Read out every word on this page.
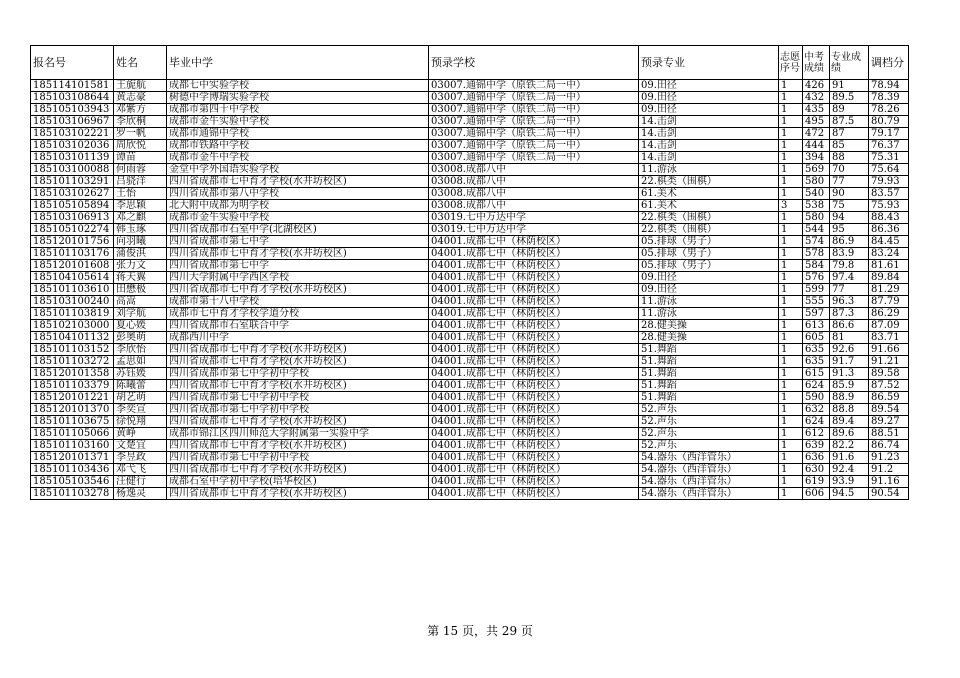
报名号	姓名	毕业中学	预录学校	预录专业	志愿序号	中考成绩	专业成绩	调档分
185114101581	王旎航	成都七中实验学校	03007.通锦中学（原铁二局一中）	09.田径	1	426	91	78.94
185103108644	黄志豪	树德中学博瑞实验学校	03007.通锦中学（原铁二局一中）	09.田径	1	432	89.5	78.39
185105103943	邓紫方	成都市第四十中学校	03007.通锦中学（原铁二局一中）	09.田径	1	435	89	78.26
185103106967	李欣桐	成都市金牛实验中学校	03007.通锦中学（原铁二局一中）	14.击剑	1	495	87.5	80.79
185103102221	罗一帆	成都市通锦中学校	03007.通锦中学（原铁二局一中）	14.击剑	1	472	87	79.17
185103102036	周欣悦	成都市铁路中学校	03007.通锦中学（原铁二局一中）	14.击剑	1	444	85	76.37
185103101139	谭苗	成都市金牛中学校	03007.通锦中学（原铁二局一中）	14.击剑	1	394	88	75.31
185103100088	何雨蓉	金堂中学外国语实验学校	03008.成都八中	11.游泳	1	569	70	75.64
185101103291	吕骁洋	四川省成都市七中育才学校(水井坊校区)	03008.成都八中	22.棋类（围棋）	1	580	77	79.93
185103102627	王怡	四川省成都市第八中学校	03008.成都八中	61.美术	1	540	90	83.57
185105105894	李思颖	北大附中成都为明学校	03008.成都八中	61.美术	3	538	75	75.93
185103106913	邓之麒	成都市金牛实验中学校	03019.七中万达中学	22.棋类（围棋）	1	580	94	88.43
185105102274	韩玉琢	四川省成都市石室中学(北湖校区)	03019.七中万达中学	22.棋类（围棋）	1	544	95	86.36
185120101756	向羽曦	四川省成都市第七中学	04001.成都七中（林荫校区）	05.排球（男子）	1	574	86.9	84.45
185101103176	蒲俊淇	四川省成都市七中育才学校(水井坊校区)	04001.成都七中（林荫校区）	05.排球（男子）	1	578	83.9	83.24
185120101608	张力文	四川省成都市第七中学	04001.成都七中（林荫校区）	05.排球（男子）	1	584	79.8	81.61
185104105614	蒋天翼	四川大学附属中学西区学校	04001.成都七中（林荫校区）	09.田径	1	576	97.4	89.84
185101103610	田懋极	四川省成都市七中育才学校(水井坊校区)	04001.成都七中（林荫校区）	09.田径	1	599	77	81.29
185103100240	高嵩	成都市第十八中学校	04001.成都七中（林荫校区）	11.游泳	1	555	96.3	87.79
185101103819	刘学航	成都市七中育才学校学道分校	04001.成都七中（林荫校区）	11.游泳	1	597	87.3	86.29
185102103000	夏心媛	四川省成都市石室联合中学	04001.成都七中（林荫校区）	28.健美操	1	613	86.6	87.09
185104101132	彭奥萌	成都西川中学	04001.成都七中（林荫校区）	28.健美操	1	605	81	83.71
185101103152	李欣怡	四川省成都市七中育才学校(水井坊校区)	04001.成都七中（林荫校区）	51.舞蹈	1	635	92.6	91.66
185101103272	孟思如	四川省成都市七中育才学校(水井坊校区)	04001.成都七中（林荫校区）	51.舞蹈	1	635	91.7	91.21
185120101358	苏钰媛	四川省成都市第七中学初中学校	04001.成都七中（林荫校区）	51.舞蹈	1	615	91.3	89.58
185101103379	陈曦蕾	四川省成都市七中育才学校(水井坊校区)	04001.成都七中（林荫校区）	51.舞蹈	1	624	85.9	87.52
185120101221	胡艺萌	四川省成都市第七中学初中学校	04001.成都七中（林荫校区）	51.舞蹈	1	590	88.9	86.59
185120101370	李奕宣	四川省成都市第七中学初中学校	04001.成都七中（林荫校区）	52.声乐	1	632	88.8	89.54
185101103675	徐悦翔	四川省成都市七中育才学校(水井坊校区)	04001.成都七中（林荫校区）	52.声乐	1	624	89.4	89.27
185101105066	黄峥	成都市锦江区四川师范大学附属第一实验中学	04001.成都七中（林荫校区）	52.声乐	1	612	89.6	88.51
185101103160	文楚宜	四川省成都市七中育才学校(水井坊校区)	04001.成都七中（林荫校区）	52.声乐	1	639	82.2	86.74
185120101371	李昱政	四川省成都市第七中学初中学校	04001.成都七中（林荫校区）	54.器乐（西洋管乐）	1	636	91.6	91.23
185101103436	邓弋飞	四川省成都市七中育才学校(水井坊校区)	04001.成都七中（林荫校区）	54.器乐（西洋管乐）	1	630	92.4	91.2
185105103546	汪健行	成都石室中学初中学校(培华校区)	04001.成都七中（林荫校区）	54.器乐（西洋管乐）	1	619	93.9	91.16
185101103278	杨逸灵	四川省成都市七中育才学校(水井坊校区)	04001.成都七中（林荫校区）	54.器乐（西洋管乐）	1	606	94.5	90.54
第 15 页，共 29 页
